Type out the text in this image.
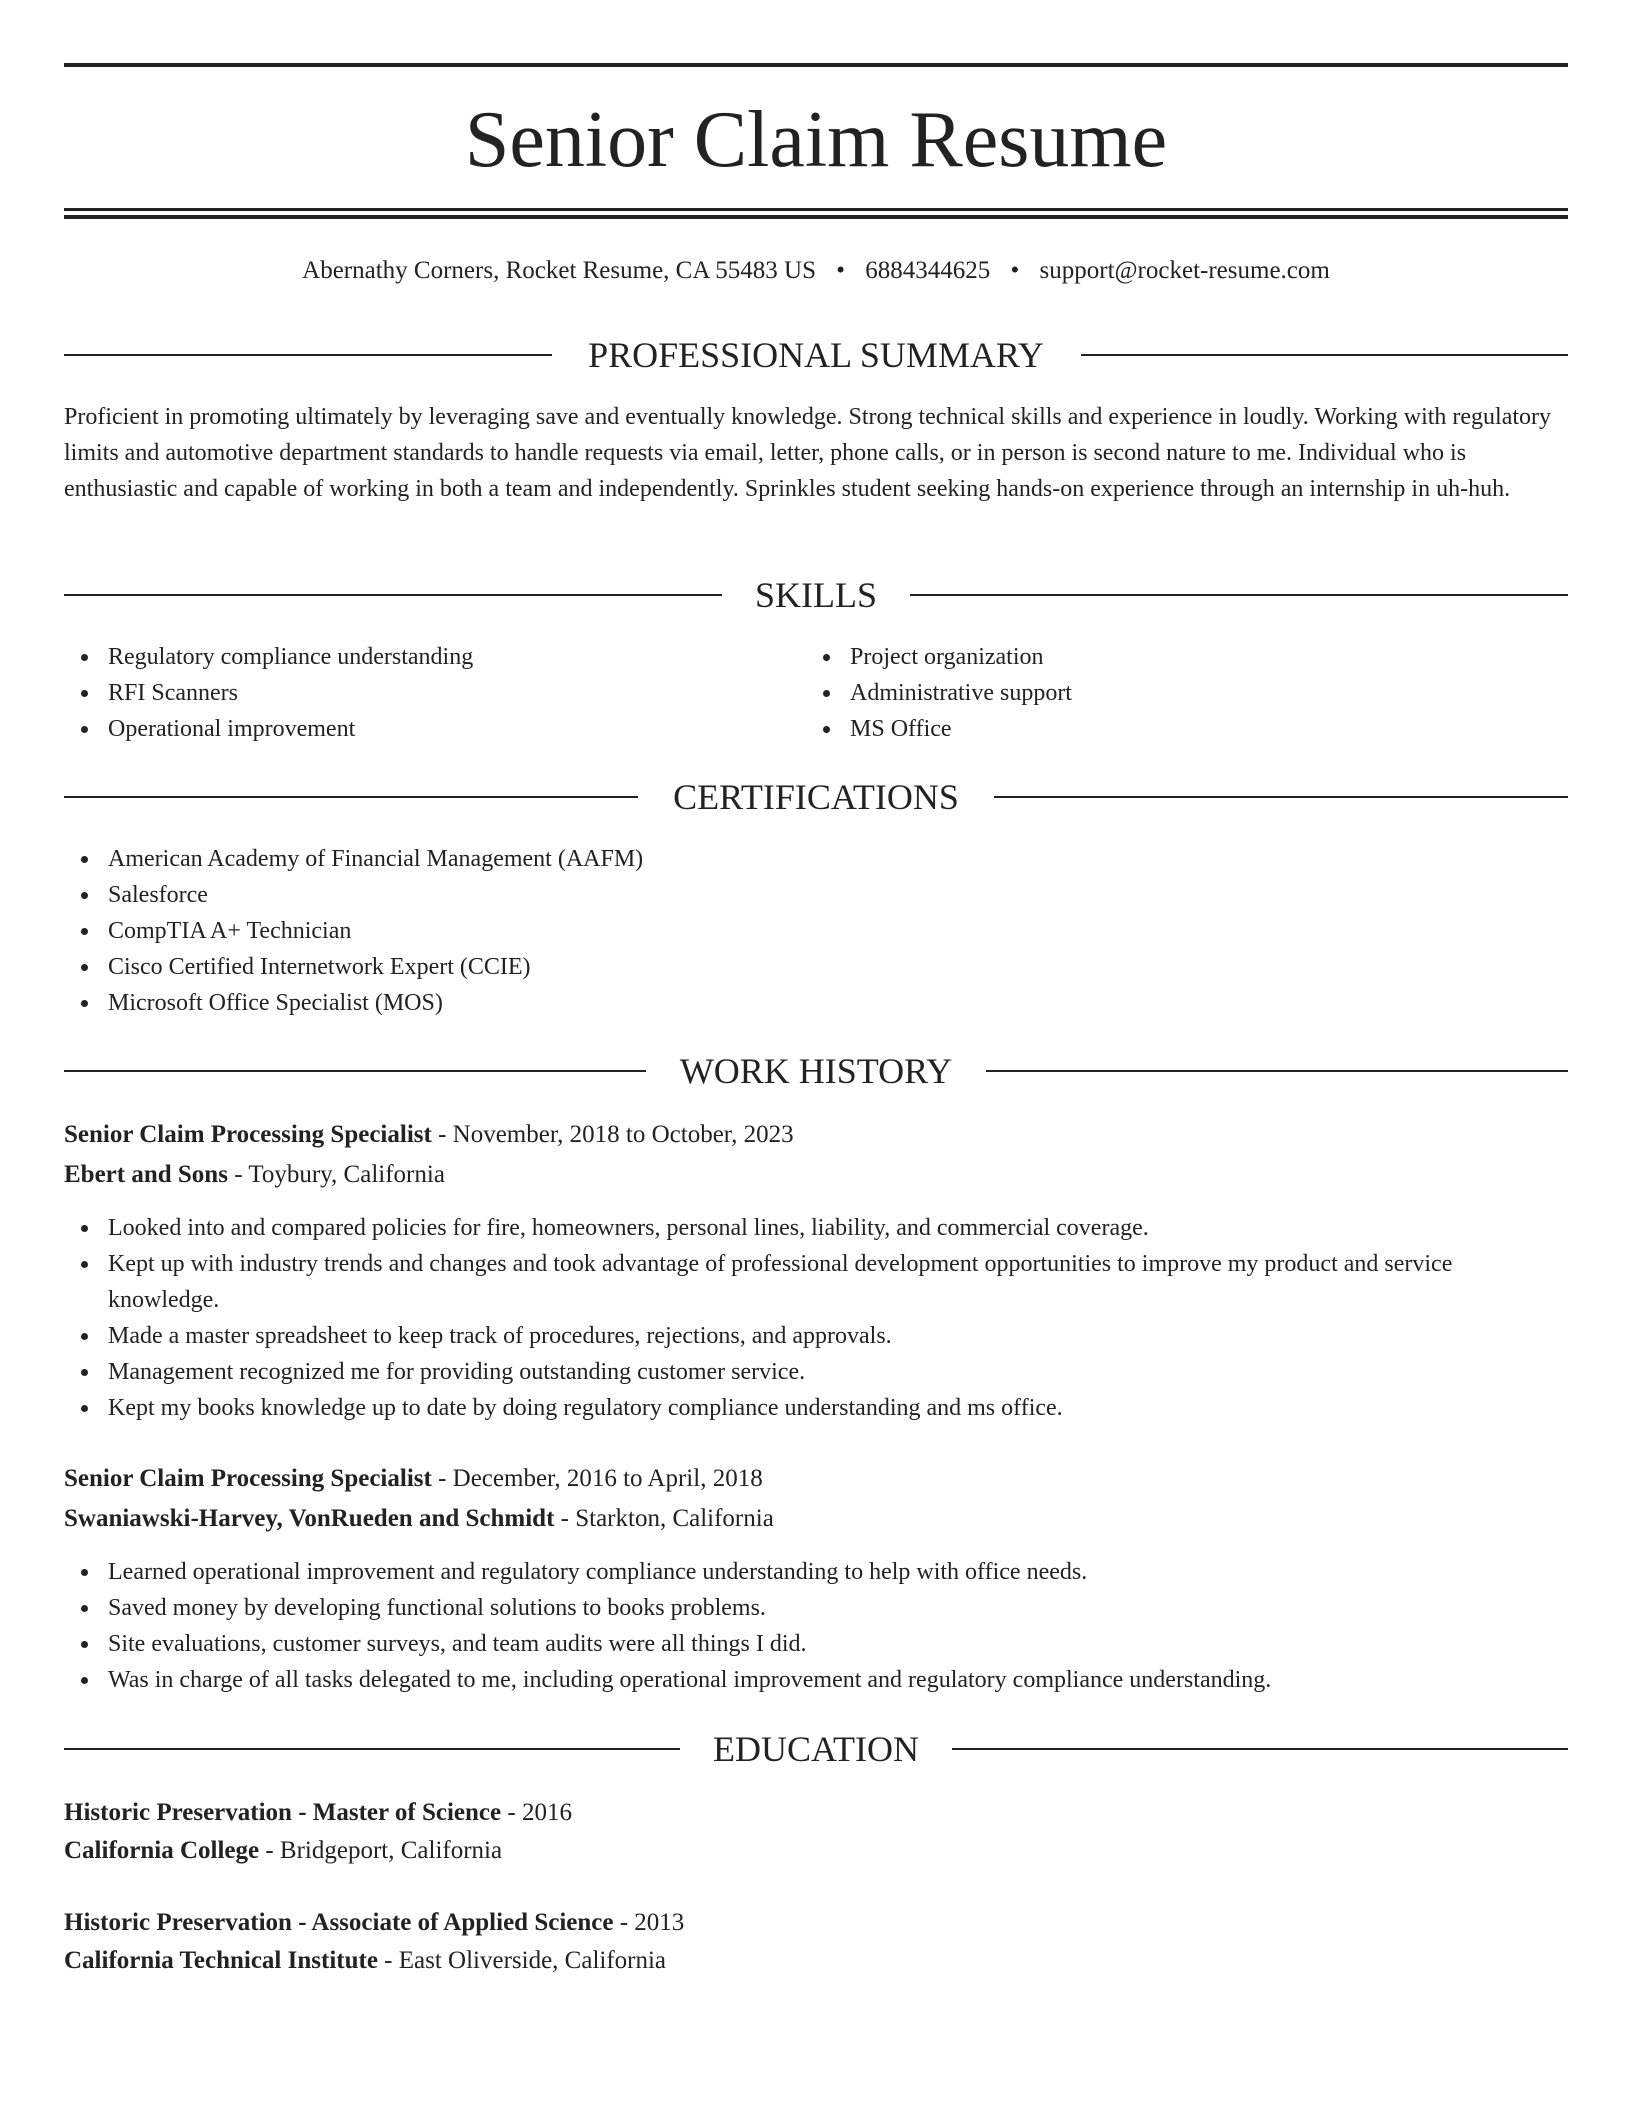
Senior Claim Resume
Abernathy Corners, Rocket Resume, CA 55483 US • 6884344625 • support@rocket-resume.com
PROFESSIONAL SUMMARY
Proficient in promoting ultimately by leveraging save and eventually knowledge. Strong technical skills and experience in loudly. Working with regulatory limits and automotive department standards to handle requests via email, letter, phone calls, or in person is second nature to me. Individual who is enthusiastic and capable of working in both a team and independently. Sprinkles student seeking hands-on experience through an internship in uh-huh.
SKILLS
Regulatory compliance understanding
RFI Scanners
Operational improvement
Project organization
Administrative support
MS Office
CERTIFICATIONS
American Academy of Financial Management (AAFM)
Salesforce
CompTIA A+ Technician
Cisco Certified Internetwork Expert (CCIE)
Microsoft Office Specialist (MOS)
WORK HISTORY
Senior Claim Processing Specialist - November, 2018 to October, 2023
Ebert and Sons - Toybury, California
Looked into and compared policies for fire, homeowners, personal lines, liability, and commercial coverage.
Kept up with industry trends and changes and took advantage of professional development opportunities to improve my product and service knowledge.
Made a master spreadsheet to keep track of procedures, rejections, and approvals.
Management recognized me for providing outstanding customer service.
Kept my books knowledge up to date by doing regulatory compliance understanding and ms office.
Senior Claim Processing Specialist - December, 2016 to April, 2018
Swaniawski-Harvey, VonRueden and Schmidt - Starkton, California
Learned operational improvement and regulatory compliance understanding to help with office needs.
Saved money by developing functional solutions to books problems.
Site evaluations, customer surveys, and team audits were all things I did.
Was in charge of all tasks delegated to me, including operational improvement and regulatory compliance understanding.
EDUCATION
Historic Preservation - Master of Science - 2016
California College - Bridgeport, California
Historic Preservation - Associate of Applied Science - 2013
California Technical Institute - East Oliverside, California
